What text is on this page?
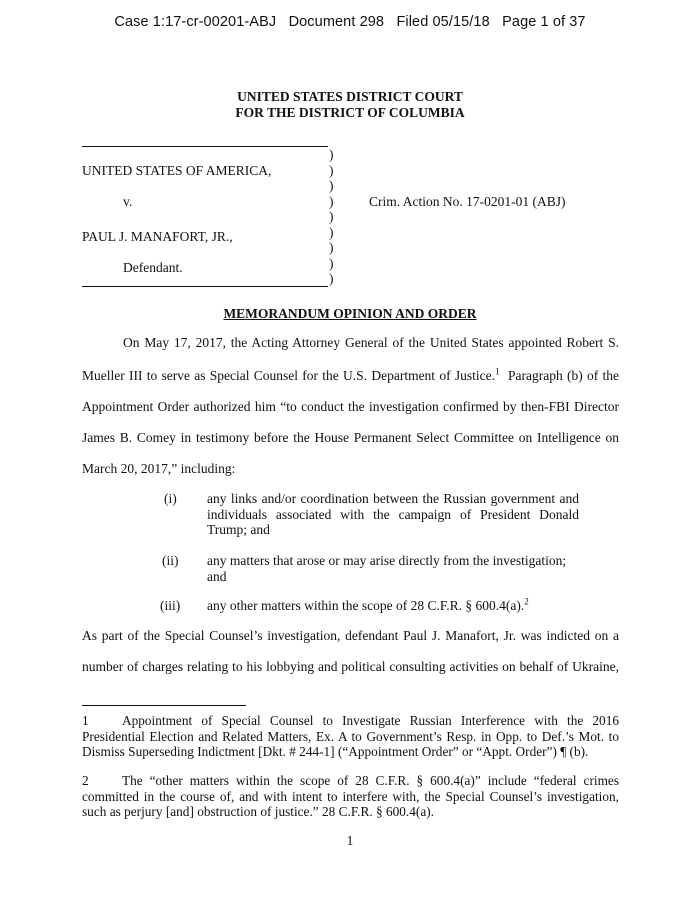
Case 1:17-cr-00201-ABJ   Document 298   Filed 05/15/18   Page 1 of 37
UNITED STATES DISTRICT COURT
FOR THE DISTRICT OF COLUMBIA
)
)
)
)
)
)
)
)
)
UNITED STATES OF AMERICA,
v.	Crim. Action No. 17-0201-01 (ABJ)
PAUL J. MANAFORT, JR.,
Defendant.
MEMORANDUM OPINION AND ORDER
On May 17, 2017, the Acting Attorney General of the United States appointed Robert S.
Mueller III to serve as Special Counsel for the U.S. Department of Justice.$^1$  Paragraph (b) of the
Appointment Order authorized him “to conduct the investigation confirmed by then-FBI Director
James B. Comey in testimony before the House Permanent Select Committee on Intelligence on
March 20, 2017,” including:
(i) any links and/or coordination between the Russian government and individuals associated with the campaign of President Donald Trump; and
(ii) any matters that arose or may arise directly from the investigation; and
(iii) any other matters within the scope of 28 C.F.R. § 600.4(a).$^2$
As part of the Special Counsel’s investigation, defendant Paul J. Manafort, Jr. was indicted on a
number of charges relating to his lobbying and political consulting activities on behalf of Ukraine,
1	Appointment of Special Counsel to Investigate Russian Interference with the 2016 Presidential Election and Related Matters, Ex. A to Government’s Resp. in Opp. to Def.’s Mot. to Dismiss Superseding Indictment [Dkt. # 244-1] (“Appointment Order” or “Appt. Order”) ¶ (b).
2	The “other matters within the scope of 28 C.F.R. § 600.4(a)” include “federal crimes committed in the course of, and with intent to interfere with, the Special Counsel’s investigation, such as perjury [and] obstruction of justice.” 28 C.F.R. § 600.4(a).
1
